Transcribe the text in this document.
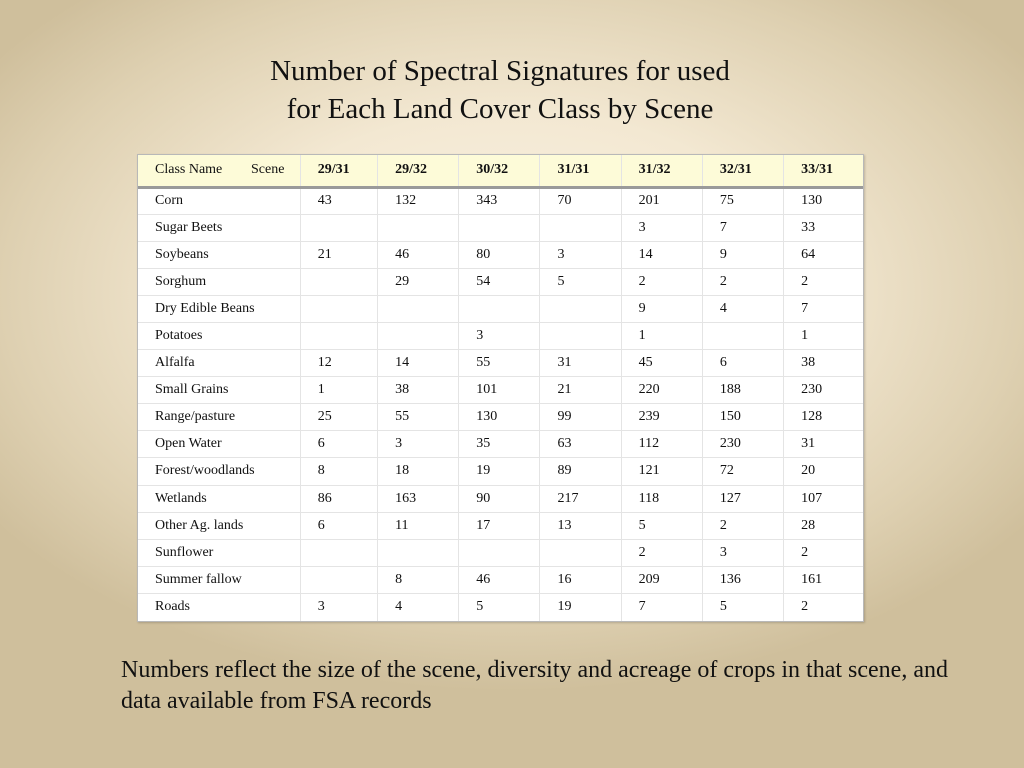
Number of Spectral Signatures for used
for Each Land Cover Class by Scene
Class Name Scene	29/31	29/32	30/32	31/31	31/32	32/31	33/31
Corn	43	132	343	70	201	75	130
Sugar Beets					3	7	33
Soybeans	21	46	80	3	14	9	64
Sorghum		29	54	5	2	2	2
Dry Edible Beans					9	4	7
Potatoes			3		1		1
Alfalfa	12	14	55	31	45	6	38
Small Grains	1	38	101	21	220	188	230
Range/pasture	25	55	130	99	239	150	128
Open Water	6	3	35	63	112	230	31
Forest/woodlands	8	18	19	89	121	72	20
Wetlands	86	163	90	217	118	127	107
Other Ag. lands	6	11	17	13	5	2	28
Sunflower					2	3	2
Summer fallow		8	46	16	209	136	161
Roads	3	4	5	19	7	5	2
Numbers reflect the size of the scene, diversity and acreage of crops in that scene, and data available from FSA records
